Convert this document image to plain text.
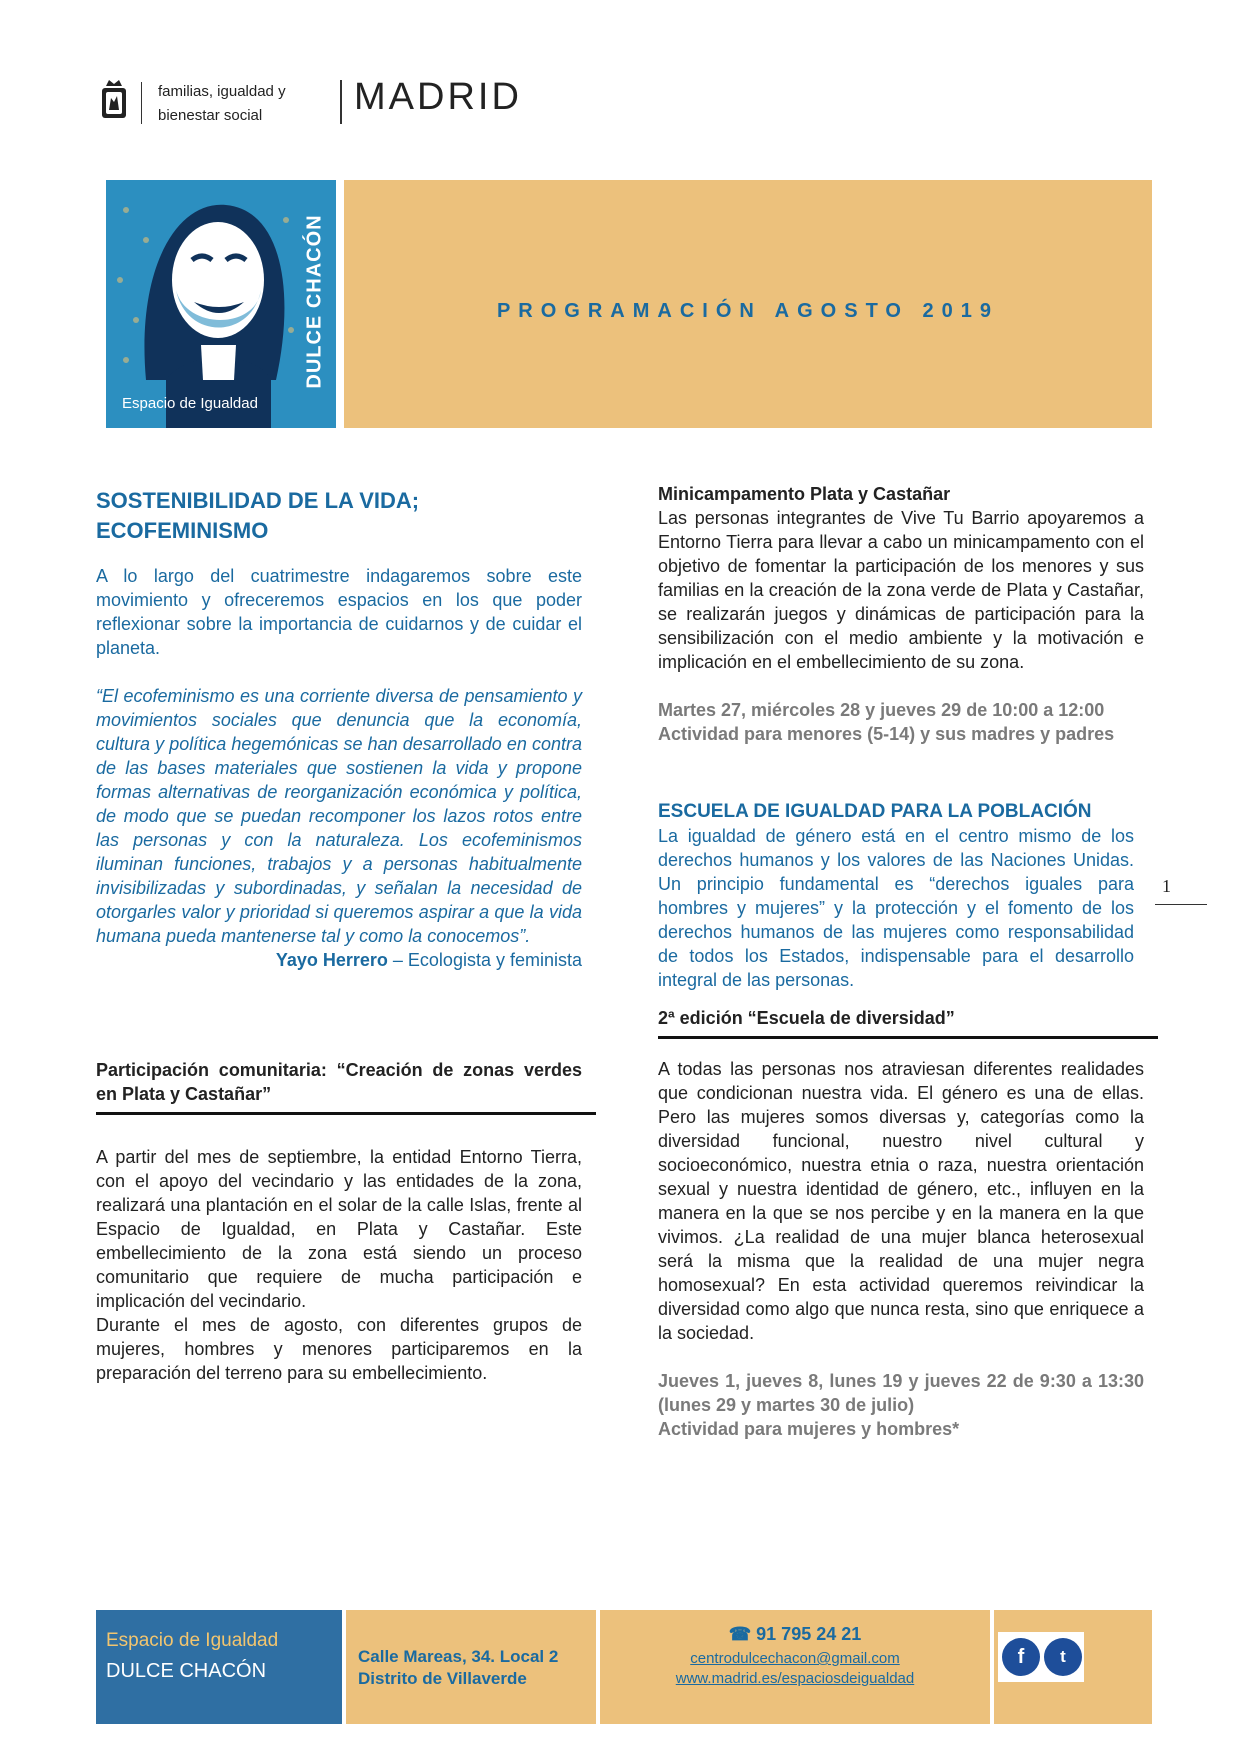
familias, igualdad y
bienestar social	MADRID
DULCE CHACÓN
Espacio de Igualdad
PROGRAMACIÓN AGOSTO 2019
SOSTENIBILIDAD DE LA VIDA;
ECOFEMINISMO

A lo largo del cuatrimestre indagaremos sobre este movimiento y ofreceremos espacios en los que poder reflexionar sobre la importancia de cuidarnos y de cuidar el planeta.

“El ecofeminismo es una corriente diversa de pensamiento y movimientos sociales que denuncia que la economía, cultura y política hegemónicas se han desarrollado en contra de las bases materiales que sostienen la vida y propone formas alternativas de reorganización económica y política, de modo que se puedan recomponer los lazos rotos entre las personas y con la naturaleza. Los ecofeminismos iluminan funciones, trabajos y a personas habitualmente invisibilizadas y subordinadas, y señalan la necesidad de otorgarles valor y prioridad si queremos aspirar a que la vida humana pueda mantenerse tal y como la conocemos”.

Yayo Herrero – Ecologista y feminista

Participación comunitaria: “Creación de zonas verdes en Plata y Castañar”

A partir del mes de septiembre, la entidad Entorno Tierra, con el apoyo del vecindario y las entidades de la zona, realizará una plantación en el solar de la calle Islas, frente al Espacio de Igualdad, en Plata y Castañar. Este embellecimiento de la zona está siendo un proceso comunitario que requiere de mucha participación e implicación del vecindario.

Durante el mes de agosto, con diferentes grupos de mujeres, hombres y menores participaremos en la preparación del terreno para su embellecimiento.

Minicampamento Plata y Castañar

Las personas integrantes de Vive Tu Barrio apoyaremos a Entorno Tierra para llevar a cabo un minicampamento con el objetivo de fomentar la participación de los menores y sus familias en la creación de la zona verde de Plata y Castañar, se realizarán juegos y dinámicas de participación para la sensibilización con el medio ambiente y la motivación e implicación en el embellecimiento de su zona.

Martes 27, miércoles 28 y jueves 29 de 10:00 a 12:00

Actividad para menores (5-14) y sus madres y padres

ESCUELA DE IGUALDAD PARA LA POBLACIÓN

La igualdad de género está en el centro mismo de los derechos humanos y los valores de las Naciones Unidas. Un principio fundamental es “derechos iguales para hombres y mujeres” y la protección y el fomento de los derechos humanos de las mujeres como responsabilidad de todos los Estados, indispensable para el desarrollo integral de las personas.

2ª edición “Escuela de diversidad”

A todas las personas nos atraviesan diferentes realidades que condicionan nuestra vida. El género es una de ellas. Pero las mujeres somos diversas y, categorías como la diversidad funcional, nuestro nivel cultural y socioeconómico, nuestra etnia o raza, nuestra orientación sexual y nuestra identidad de género, etc., influyen en la manera en la que se nos percibe y en la manera en la que vivimos. ¿La realidad de una mujer blanca heterosexual será la misma que la realidad de una mujer negra homosexual? En esta actividad queremos reivindicar la diversidad como algo que nunca resta, sino que enriquece a la sociedad.

Jueves 1, jueves 8, lunes 19 y jueves 22 de 9:30 a 13:30 (lunes 29 y martes 30 de julio)

Actividad para mujeres y hombres*

1
Espacio de Igualdad
DULCE CHACÓN
Calle Mareas, 34. Local 2
Distrito de Villaverde
☎ 91 795 24 21
centrodulcechacon@gmail.com
www.madrid.es/espaciosdeigualdad
f	t
